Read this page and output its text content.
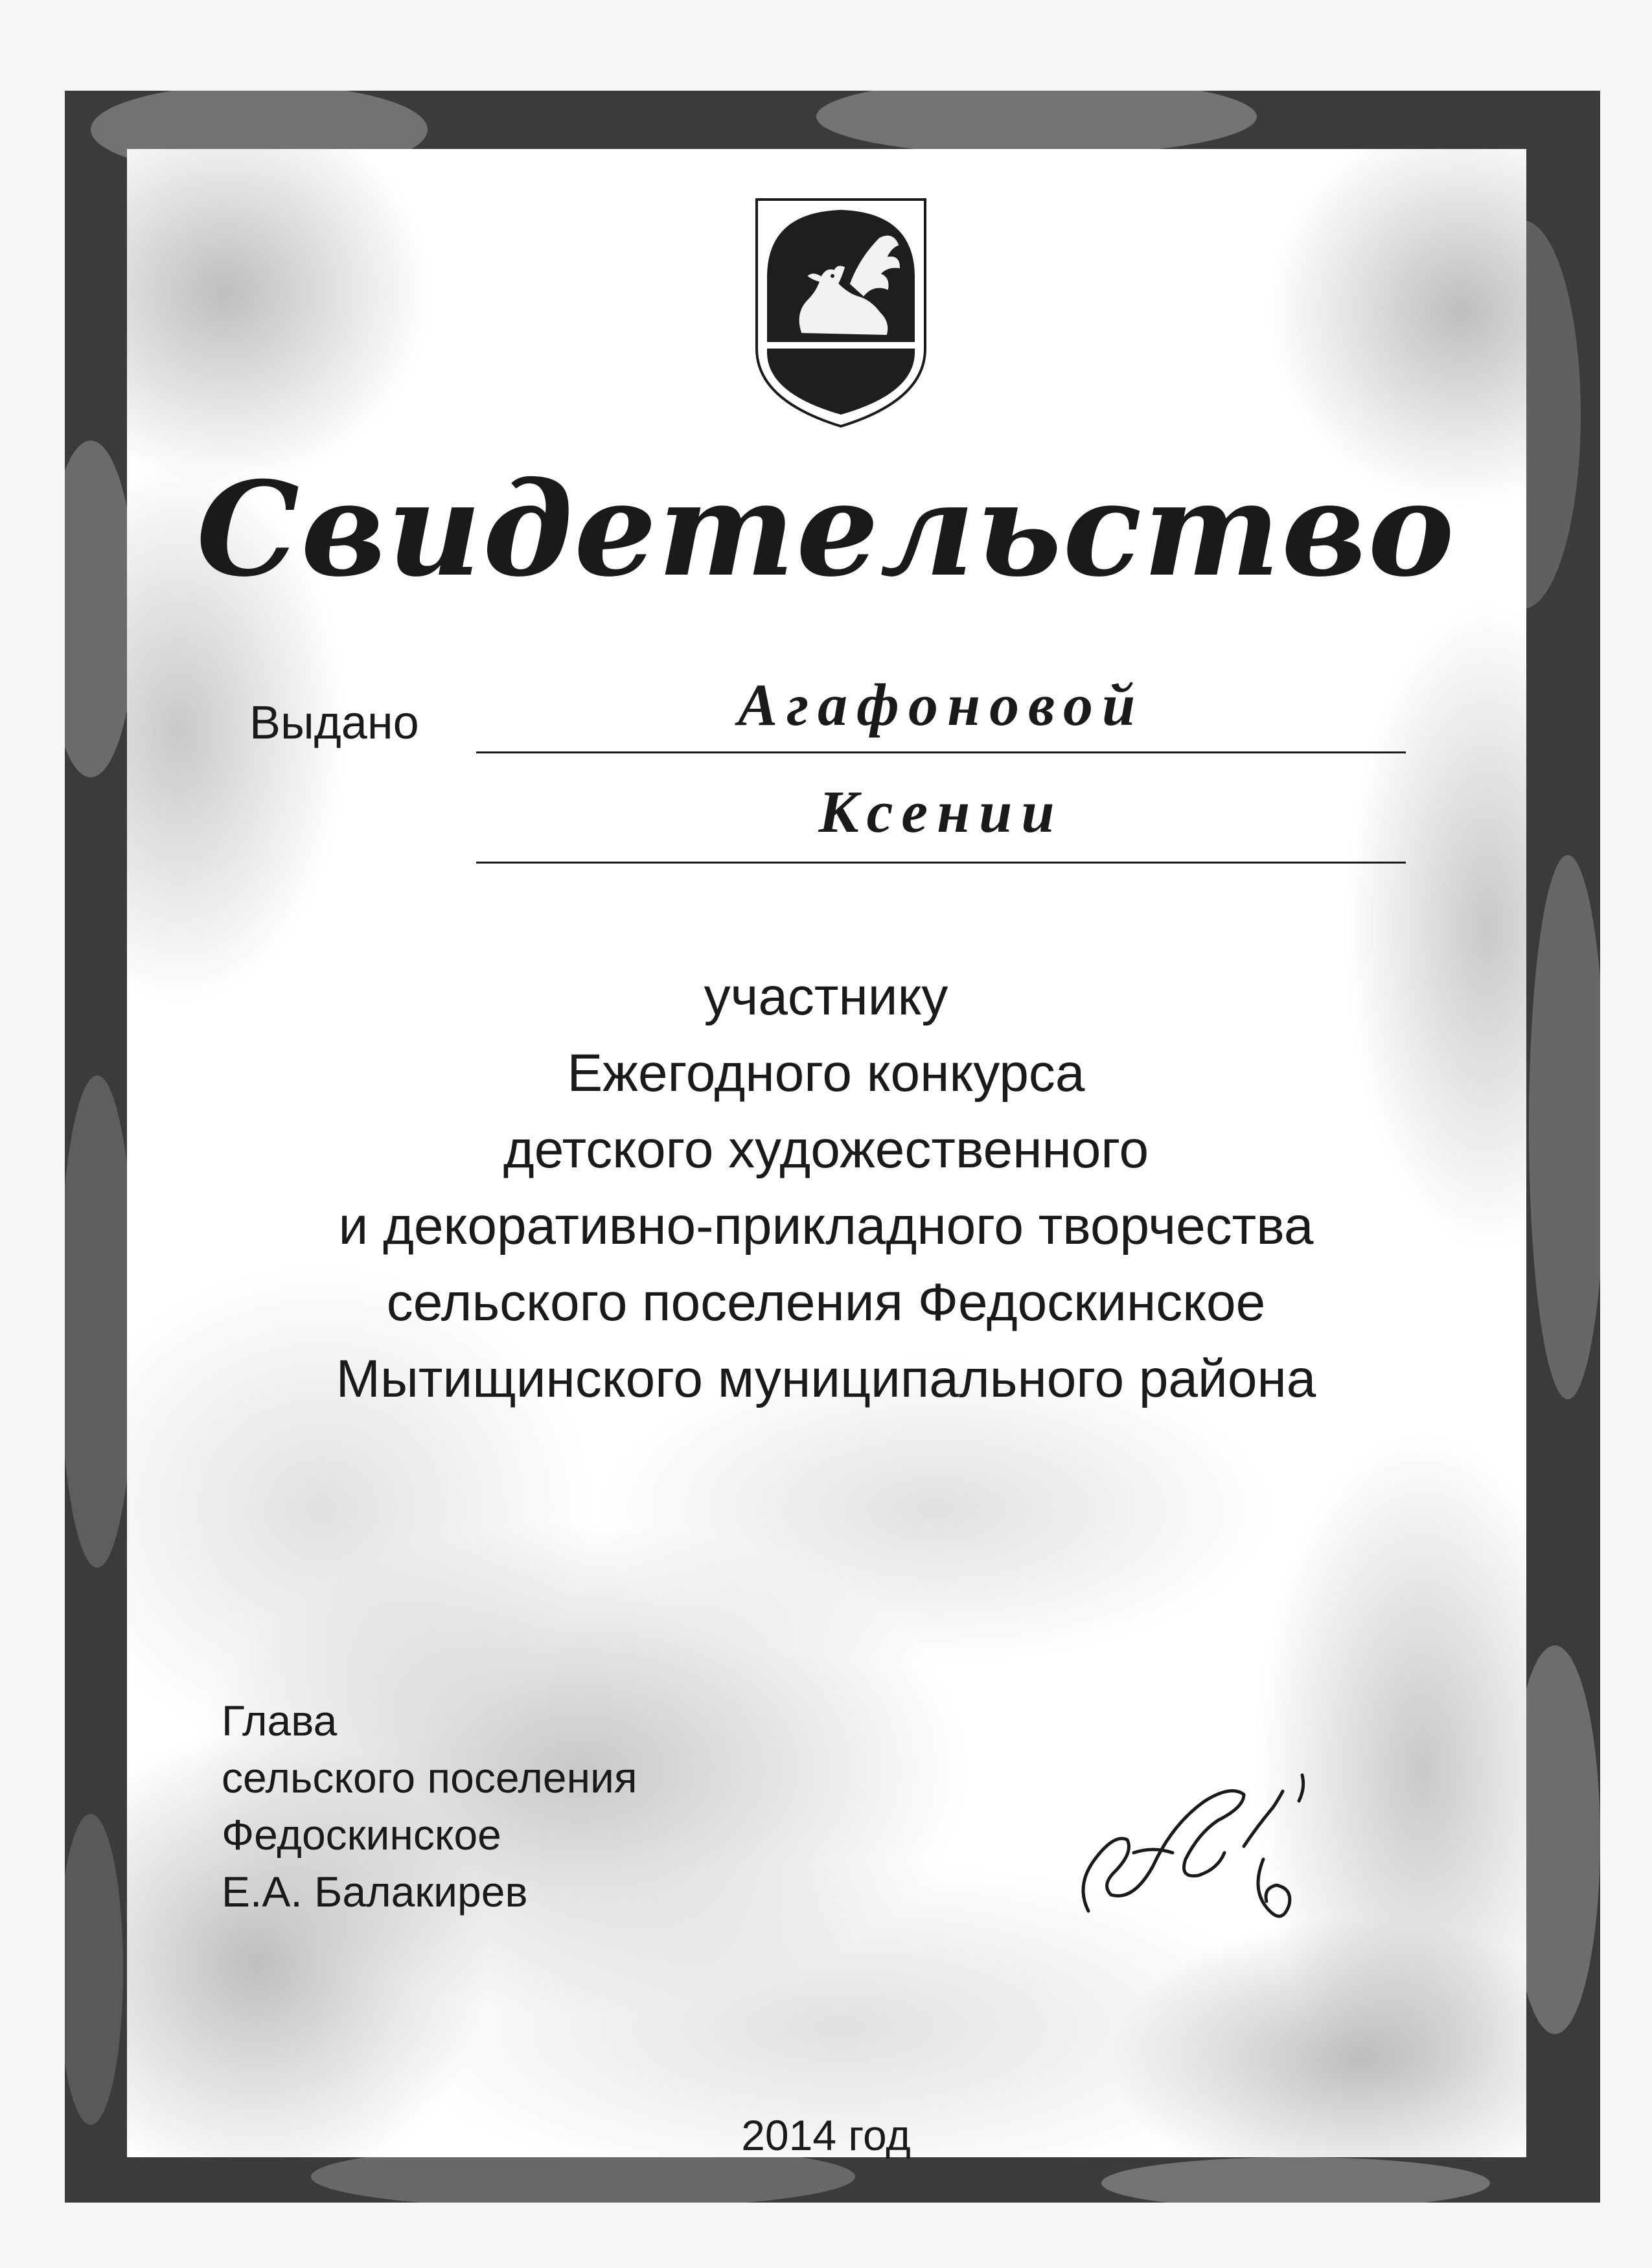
Свидетельство
Выдано	Агафоновой
Ксении
участнику
Ежегодного конкурса
детского художественного
и декоративно-прикладного творчества
сельского поселения Федоскинское
Мытищинского муниципального района
Глава
сельского поселения
Федоскинское
Е.А. Балакирев
2014 год
